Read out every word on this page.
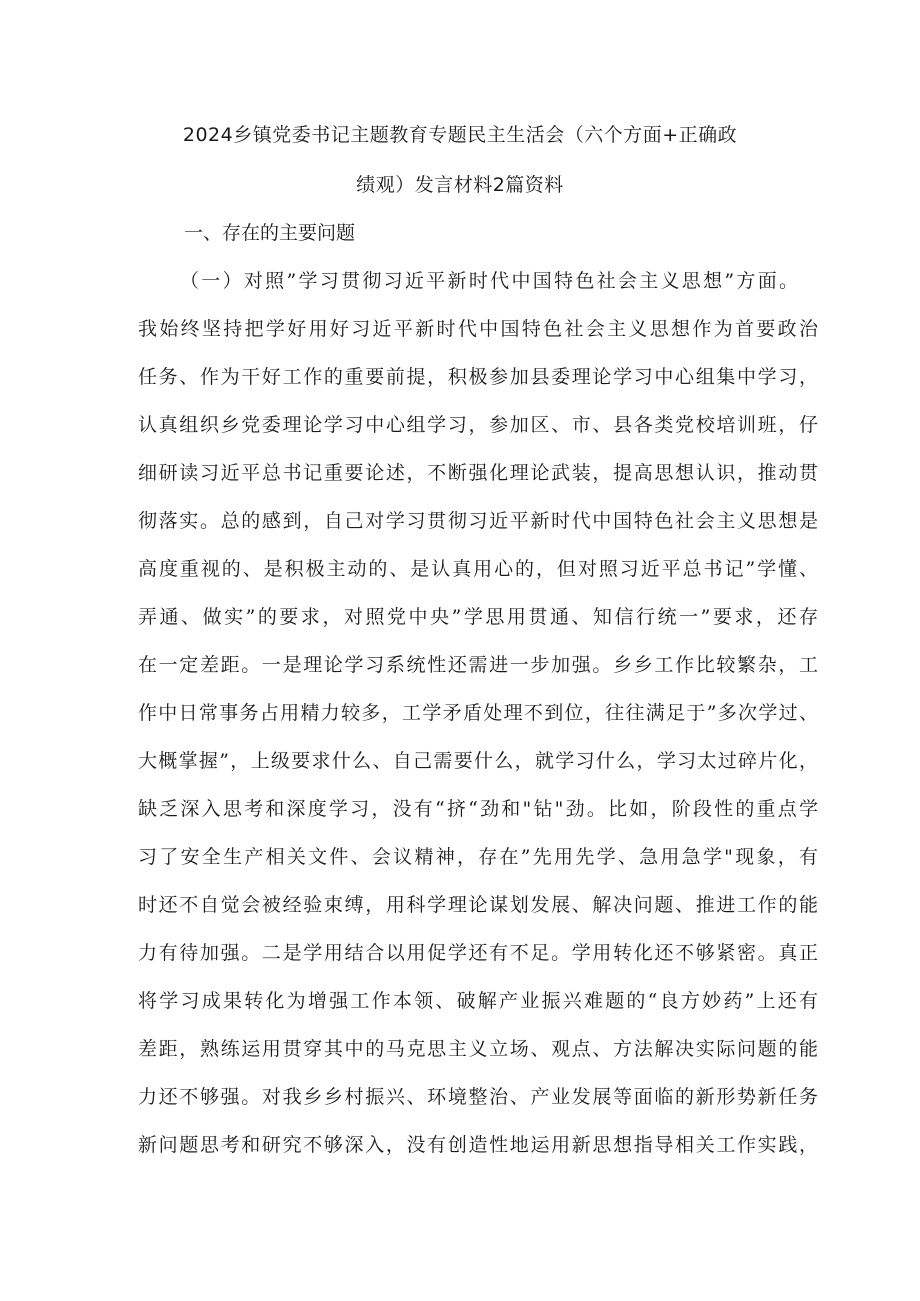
2024乡镇党委书记主题教育专题民主生活会（六个方面+正确政
绩观）发言材料2篇资料
一、存在的主要问题
（一）对照”学习贯彻习近平新时代中国特色社会主义思想”方面。
我始终坚持把学好用好习近平新时代中国特色社会主义思想作为首要政治
任务、作为干好工作的重要前提，积极参加县委理论学习中心组集中学习，
认真组织乡党委理论学习中心组学习，参加区、市、县各类党校培训班，仔
细研读习近平总书记重要论述，不断强化理论武装，提高思想认识，推动贯
彻落实。总的感到，自己对学习贯彻习近平新时代中国特色社会主义思想是
高度重视的、是积极主动的、是认真用心的，但对照习近平总书记”学懂、
弄通、做实”的要求，对照党中央”学思用贯通、知信行统一”要求，还存
在一定差距。一是理论学习系统性还需进一步加强。乡乡工作比较繁杂，工
作中日常事务占用精力较多，工学矛盾处理不到位，往往满足于”多次学过、
大概掌握”，上级要求什么、自己需要什么，就学习什么，学习太过碎片化，
缺乏深入思考和深度学习，没有“挤“劲和"钻"劲。比如，阶段性的重点学
习了安全生产相关文件、会议精神，存在”先用先学、急用急学"现象，有
时还不自觉会被经验束缚，用科学理论谋划发展、解决问题、推进工作的能
力有待加强。二是学用结合以用促学还有不足。学用转化还不够紧密。真正
将学习成果转化为增强工作本领、破解产业振兴难题的“良方妙药”上还有
差距，熟练运用贯穿其中的马克思主义立场、观点、方法解决实际问题的能
力还不够强。对我乡乡村振兴、环境整治、产业发展等面临的新形势新任务
新问题思考和研究不够深入，没有创造性地运用新思想指导相关工作实践，
